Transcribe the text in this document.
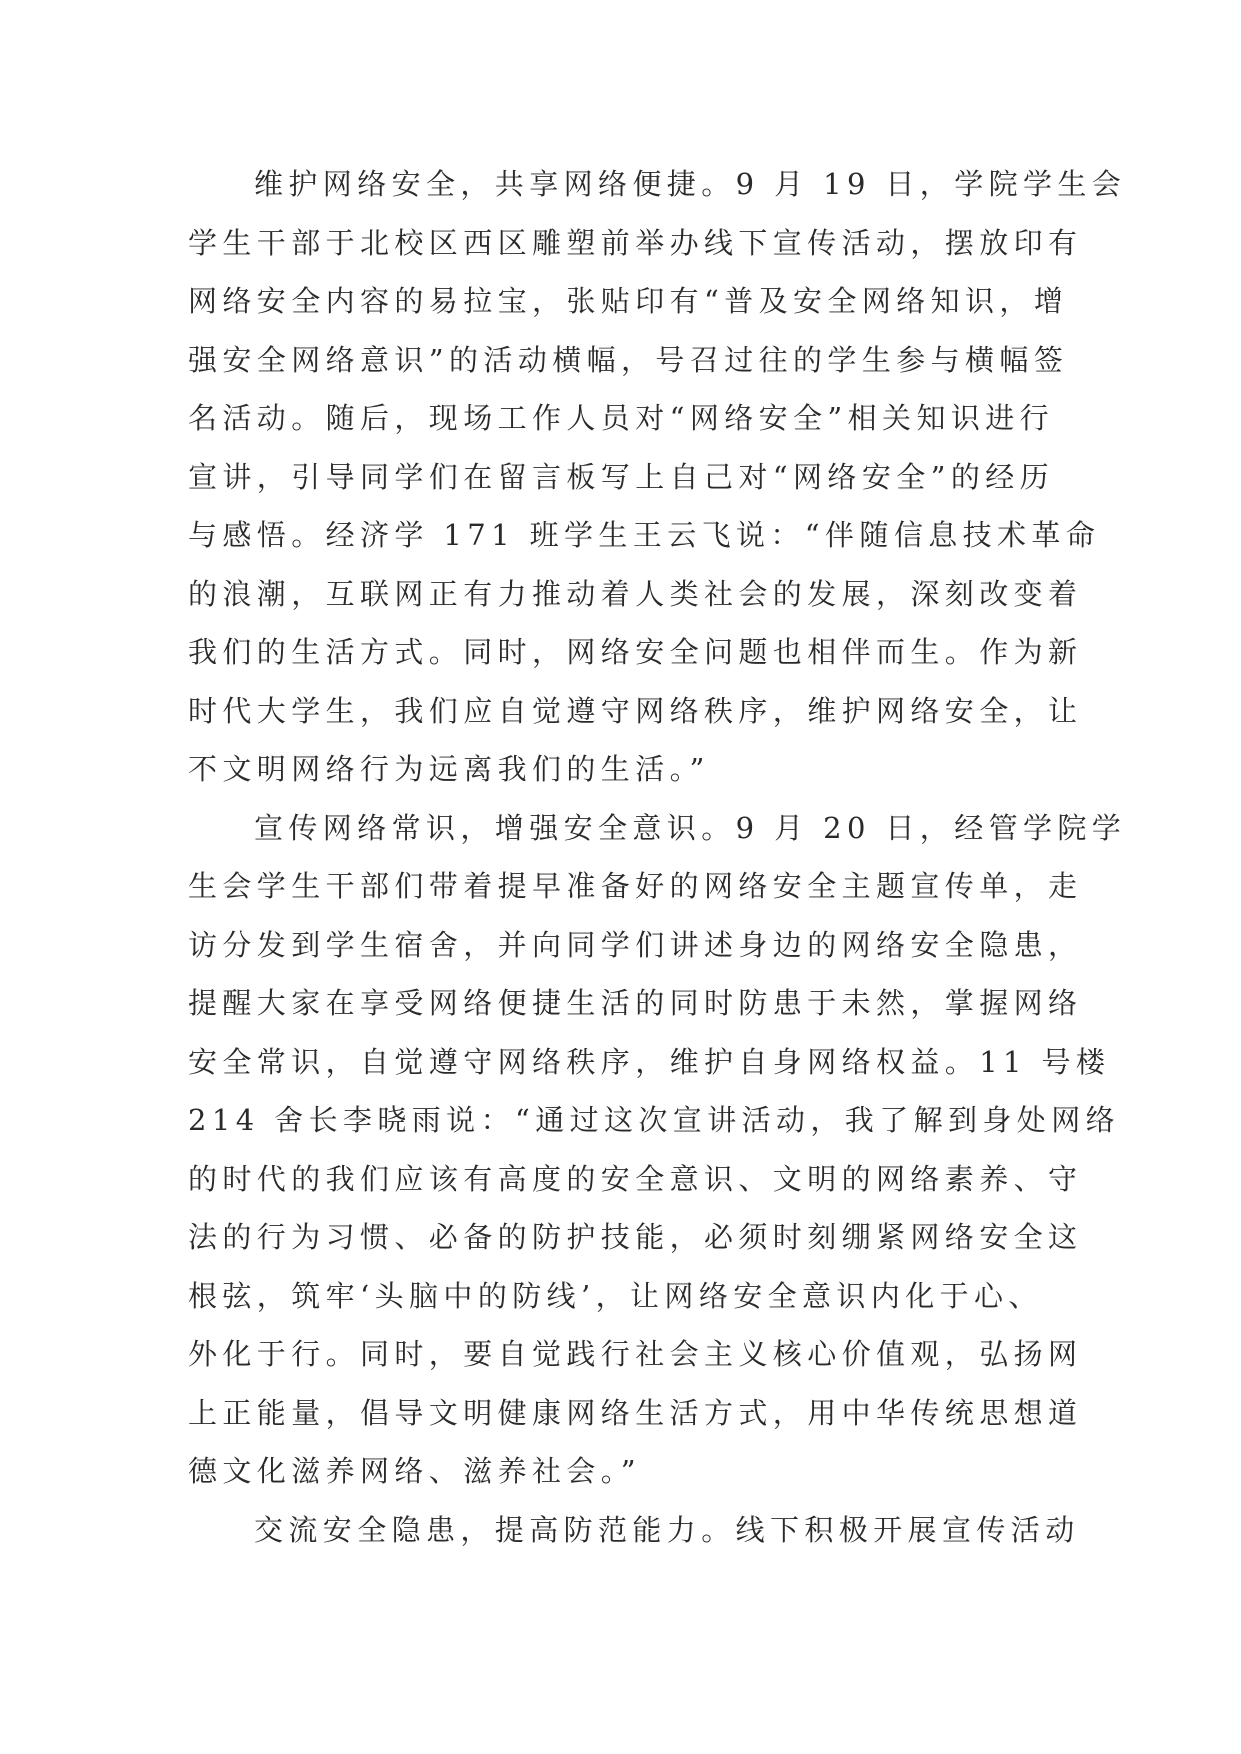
维护网络安全，共享网络便捷。9 月 19 日，学院学生会
学生干部于北校区西区雕塑前举办线下宣传活动，摆放印有
网络安全内容的易拉宝，张贴印有“普及安全网络知识，增
强安全网络意识”的活动横幅，号召过往的学生参与横幅签
名活动。随后，现场工作人员对“网络安全”相关知识进行
宣讲，引导同学们在留言板写上自己对“网络安全”的经历
与感悟。经济学 171 班学生王云飞说：“伴随信息技术革命
的浪潮，互联网正有力推动着人类社会的发展，深刻改变着
我们的生活方式。同时，网络安全问题也相伴而生。作为新
时代大学生，我们应自觉遵守网络秩序，维护网络安全，让
不文明网络行为远离我们的生活。”

宣传网络常识，增强安全意识。9 月 20 日，经管学院学
生会学生干部们带着提早准备好的网络安全主题宣传单，走
访分发到学生宿舍，并向同学们讲述身边的网络安全隐患，
提醒大家在享受网络便捷生活的同时防患于未然，掌握网络
安全常识，自觉遵守网络秩序，维护自身网络权益。11 号楼
214 舍长李晓雨说：“通过这次宣讲活动，我了解到身处网络
的时代的我们应该有高度的安全意识、文明的网络素养、守
法的行为习惯、必备的防护技能，必须时刻绷紧网络安全这
根弦，筑牢‘头脑中的防线’，让网络安全意识内化于心、
外化于行。同时，要自觉践行社会主义核心价值观，弘扬网
上正能量，倡导文明健康网络生活方式，用中华传统思想道
德文化滋养网络、滋养社会。”

交流安全隐患，提高防范能力。线下积极开展宣传活动
